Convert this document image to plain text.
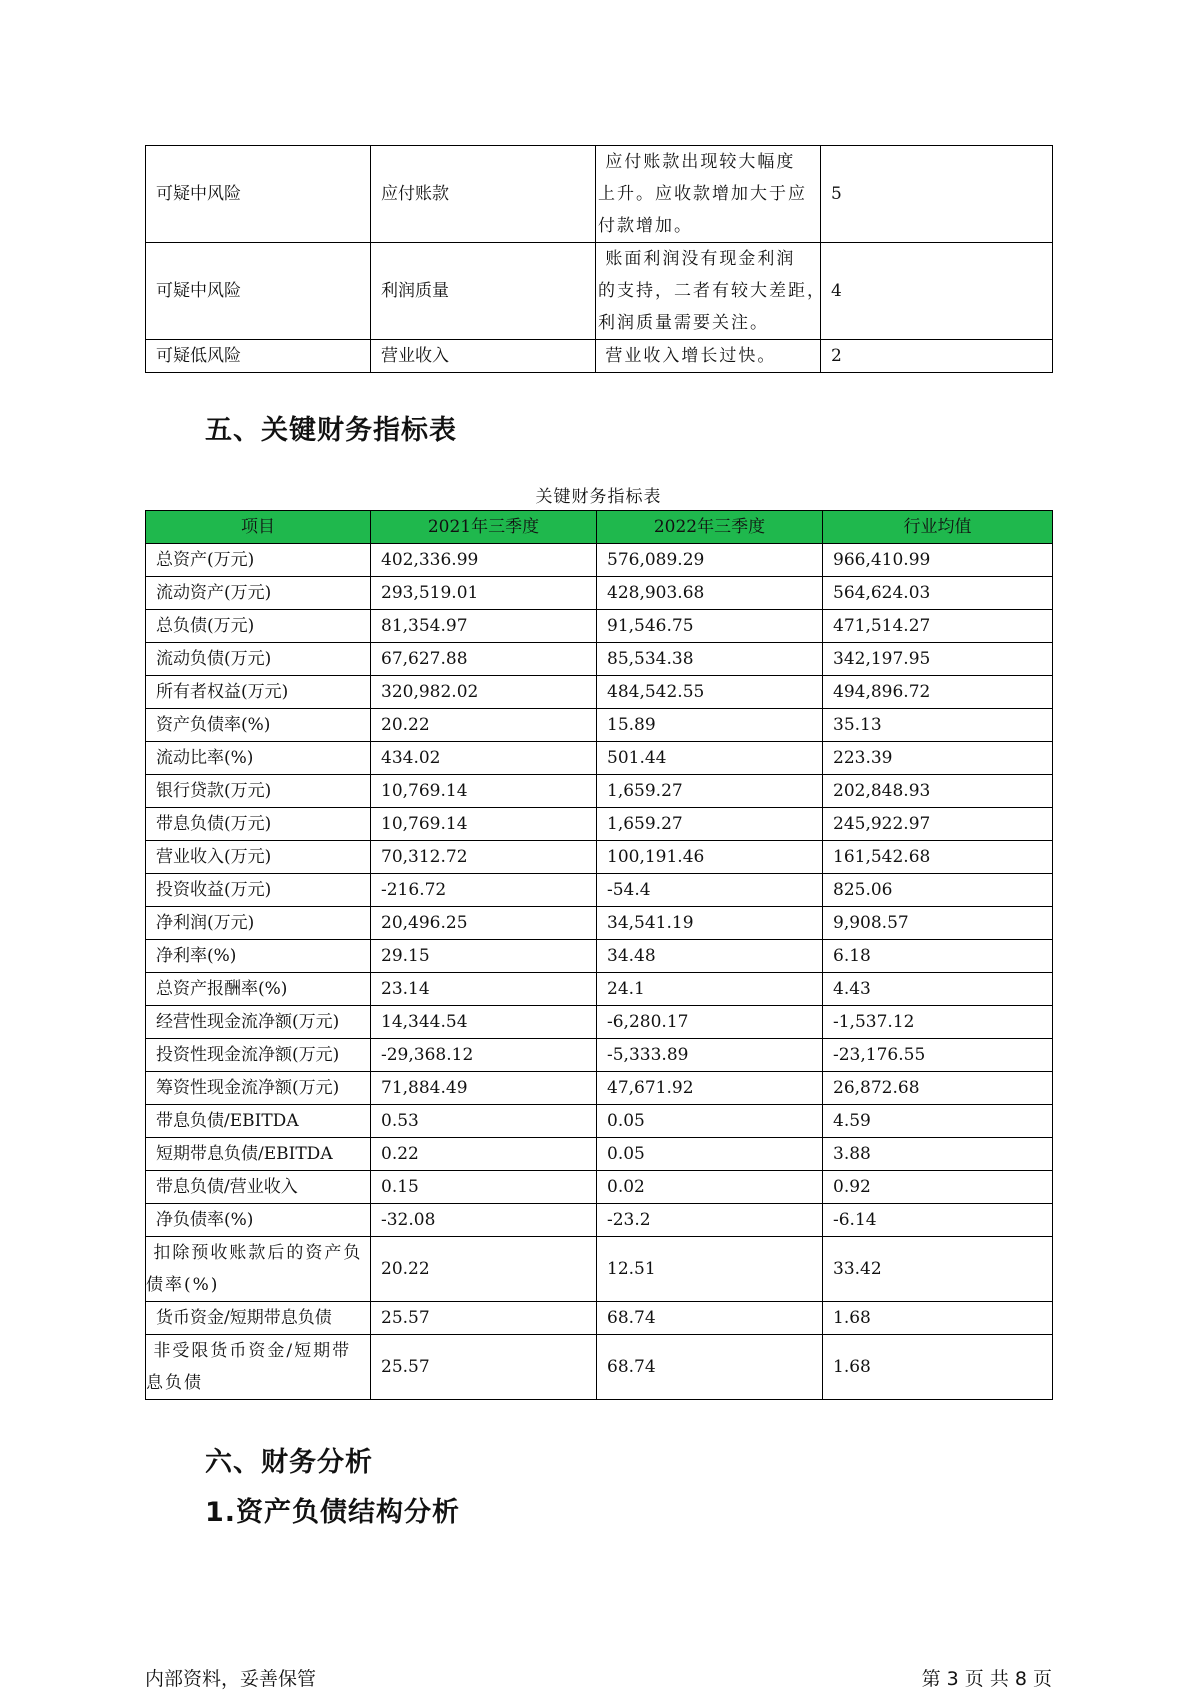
可疑中风险	应付账款	应付账款出现较大幅度
上升。应收款增加大于应
付款增加。	5
可疑中风险	利润质量	账面利润没有现金利润
的支持，二者有较大差距，
利润质量需要关注。	4
可疑低风险	营业收入	营业收入增长过快。	2
五、关键财务指标表
关键财务指标表
项目	2021年三季度	2022年三季度	行业均值
总资产(万元)	402,336.99	576,089.29	966,410.99
流动资产(万元)	293,519.01	428,903.68	564,624.03
总负债(万元)	81,354.97	91,546.75	471,514.27
流动负债(万元)	67,627.88	85,534.38	342,197.95
所有者权益(万元)	320,982.02	484,542.55	494,896.72
资产负债率(%)	20.22	15.89	35.13
流动比率(%)	434.02	501.44	223.39
银行贷款(万元)	10,769.14	1,659.27	202,848.93
带息负债(万元)	10,769.14	1,659.27	245,922.97
营业收入(万元)	70,312.72	100,191.46	161,542.68
投资收益(万元)	-216.72	-54.4	825.06
净利润(万元)	20,496.25	34,541.19	9,908.57
净利率(%)	29.15	34.48	6.18
总资产报酬率(%)	23.14	24.1	4.43
经营性现金流净额(万元)	14,344.54	-6,280.17	-1,537.12
投资性现金流净额(万元)	-29,368.12	-5,333.89	-23,176.55
筹资性现金流净额(万元)	71,884.49	47,671.92	26,872.68
带息负债/EBITDA	0.53	0.05	4.59
短期带息负债/EBITDA	0.22	0.05	3.88
带息负债/营业收入	0.15	0.02	0.92
净负债率(%)	-32.08	-23.2	-6.14
扣除预收账款后的资产负债率(%)	20.22	12.51	33.42
货币资金/短期带息负债	25.57	68.74	1.68
非受限货币资金/短期带息负债	25.57	68.74	1.68
六、财务分析
1.资产负债结构分析
内部资料，妥善保管	第 3 页 共 8 页
